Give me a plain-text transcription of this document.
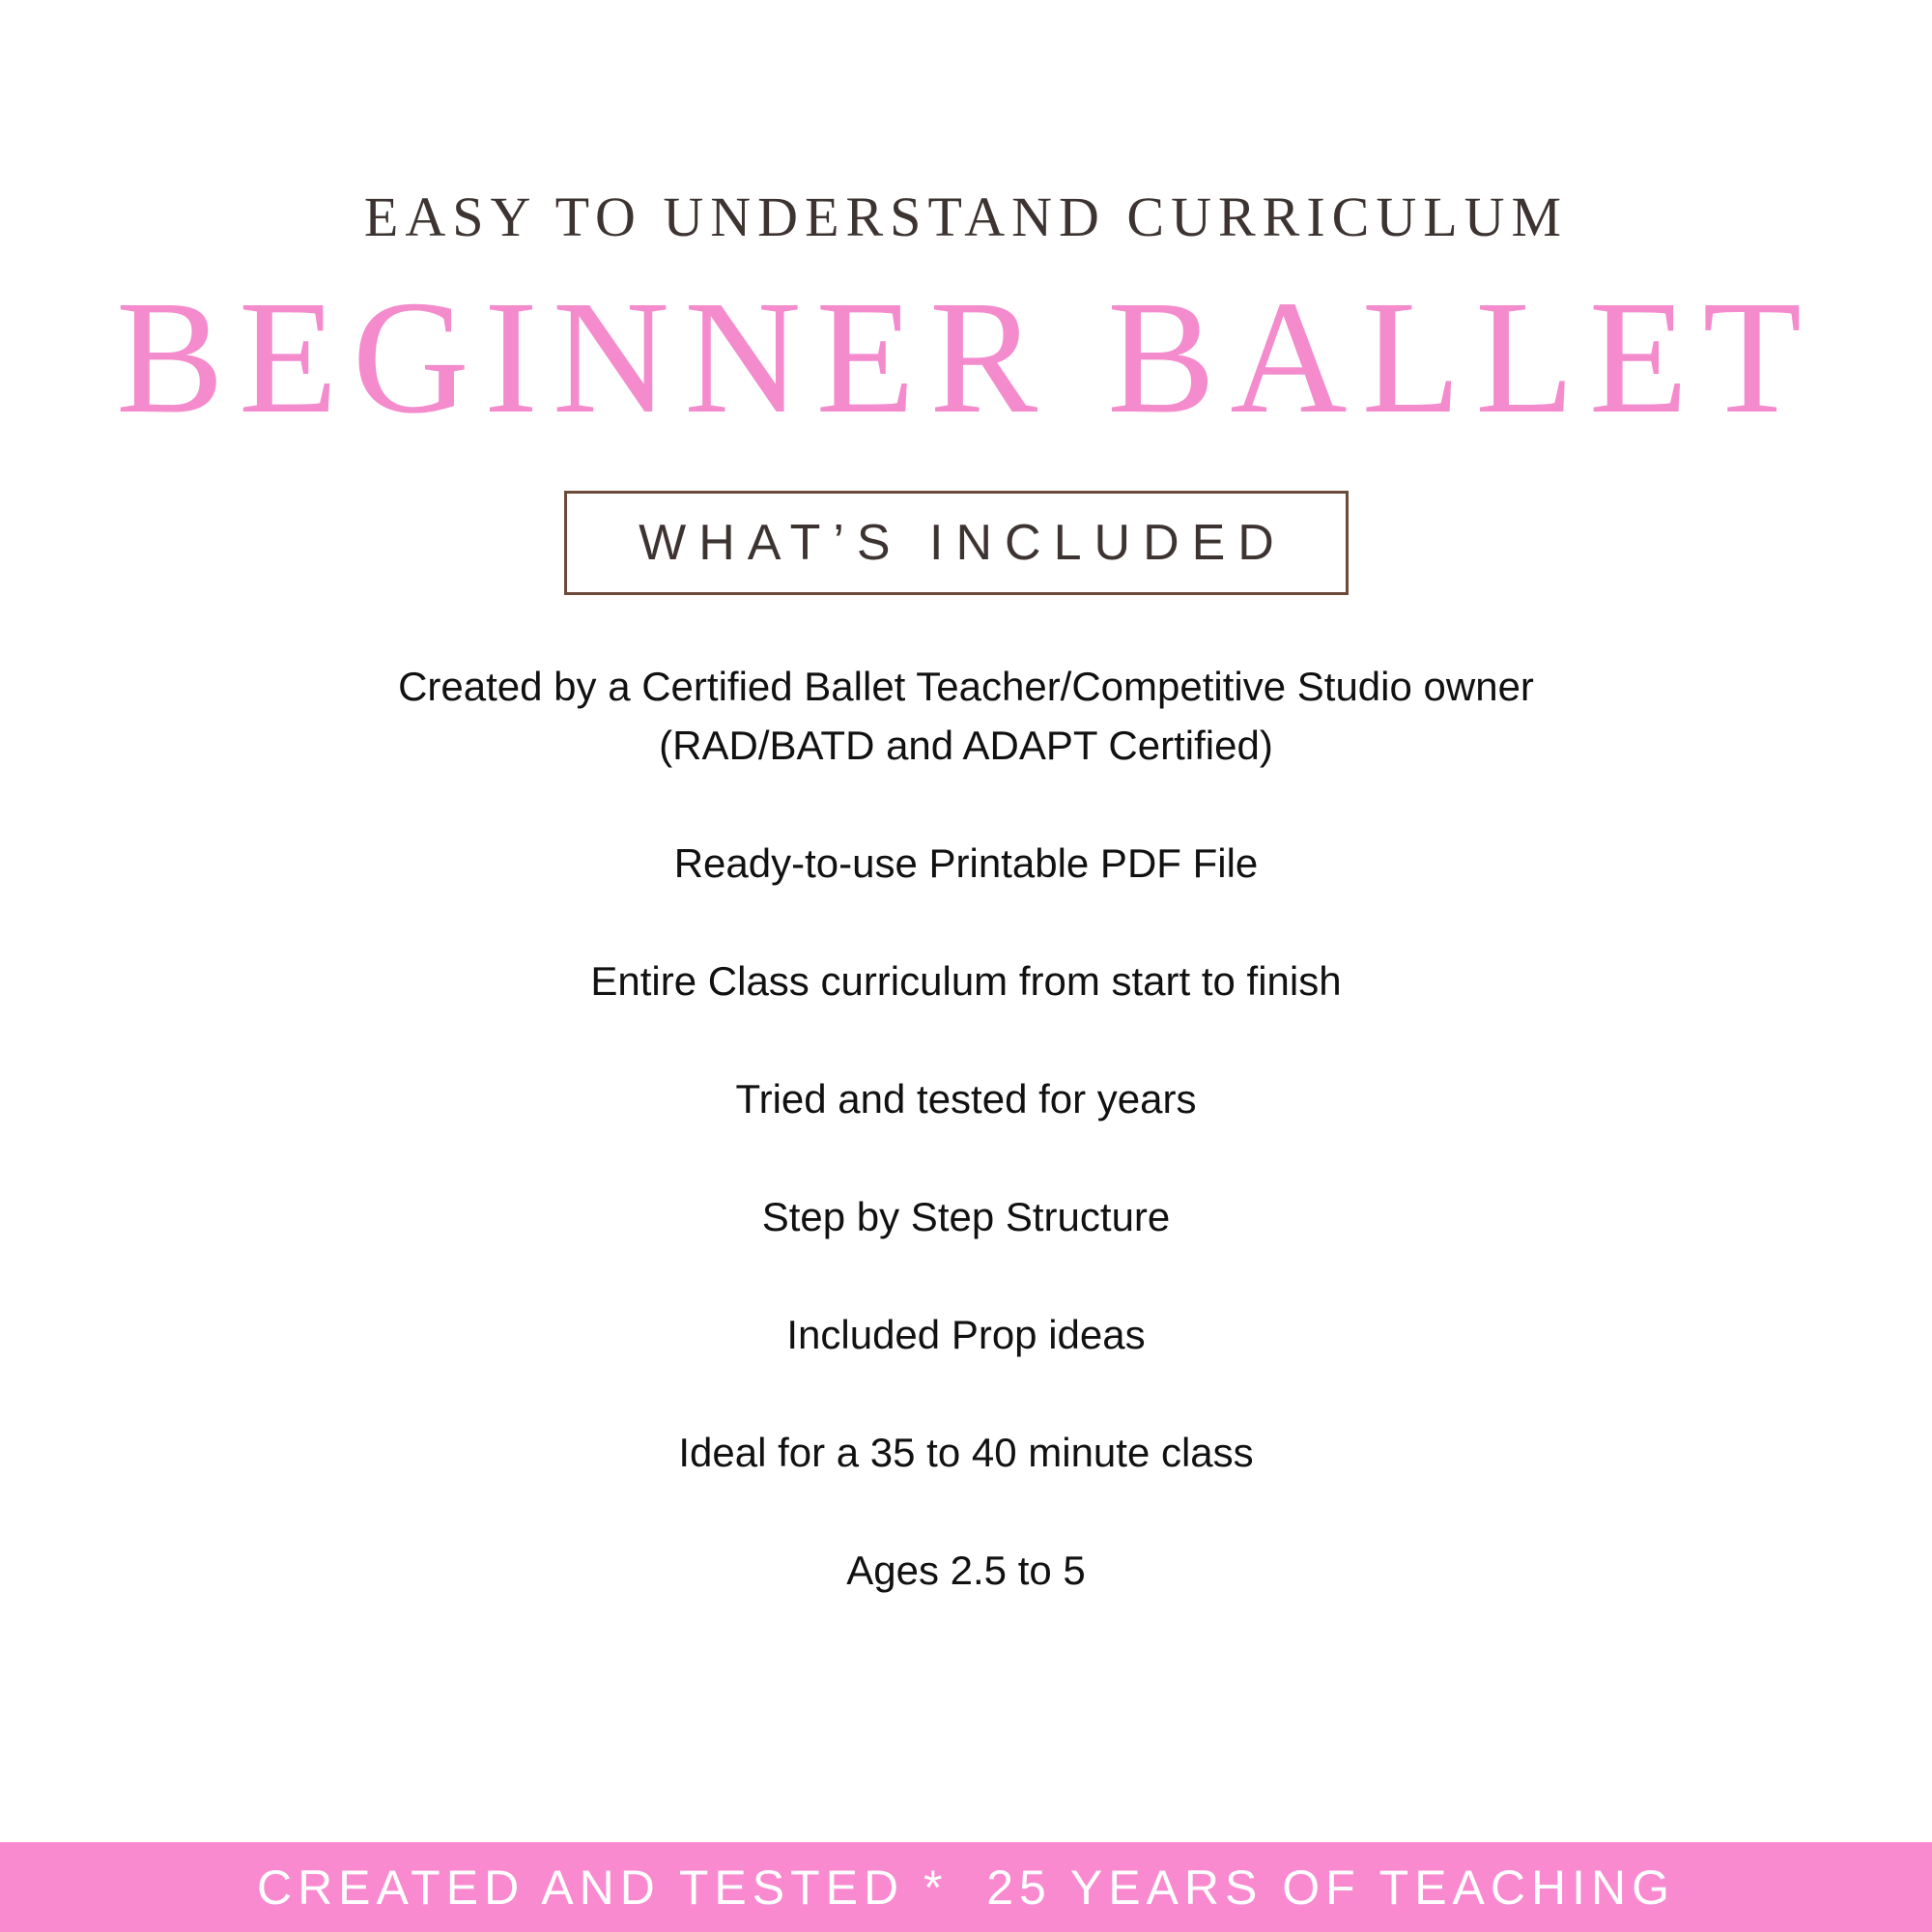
EASY TO UNDERSTAND CURRICULUM
BEGINNER BALLET
WHAT’S INCLUDED
Created by a Certified Ballet Teacher/Competitive Studio owner (RAD/BATD and ADAPT Certified)
Ready-to-use Printable PDF File
Entire Class curriculum from start to finish
Tried and tested for years
Step by Step Structure
Included Prop ideas
Ideal for a 35 to 40 minute class
Ages 2.5 to 5
CREATED AND TESTED *  25 YEARS OF TEACHING
